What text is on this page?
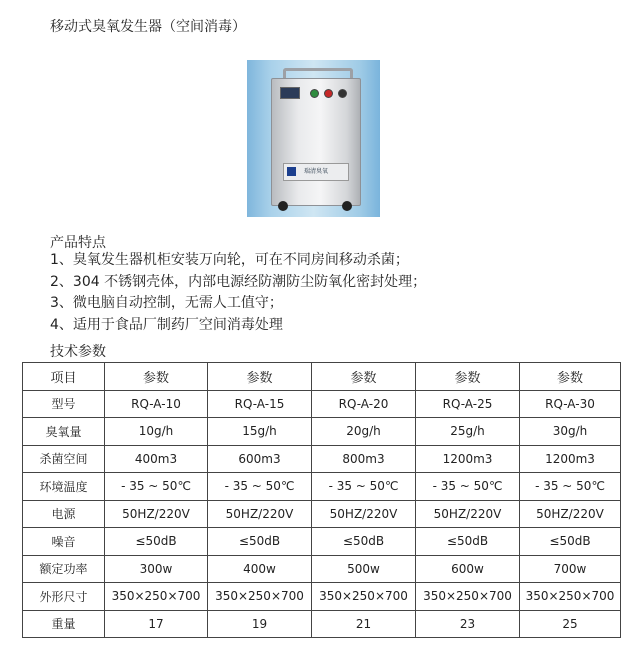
移动式臭氧发生器（空间消毒）
瑞清臭氧
产品特点
1、臭氧发生器机柜安装万向轮，可在不同房间移动杀菌；
2、304 不锈钢壳体，内部电源经防潮防尘防氧化密封处理；
3、微电脑自动控制，无需人工值守；
4、适用于食品厂制药厂空间消毒处理
技术参数
项目	参数	参数	参数	参数	参数
型号	RQ-A-10	RQ-A-15	RQ-A-20	RQ-A-25	RQ-A-30
臭氧量	10g/h	15g/h	20g/h	25g/h	30g/h
杀菌空间	400m3	600m3	800m3	1200m3	1200m3
环境温度	- 35 ~ 50℃	- 35 ~ 50℃	- 35 ~ 50℃	- 35 ~ 50℃	- 35 ~ 50℃
电源	50HZ/220V	50HZ/220V	50HZ/220V	50HZ/220V	50HZ/220V
噪音	≤50dB	≤50dB	≤50dB	≤50dB	≤50dB
额定功率	300w	400w	500w	600w	700w
外形尺寸	350×250×700	350×250×700	350×250×700	350×250×700	350×250×700
重量	17	19	21	23	25
